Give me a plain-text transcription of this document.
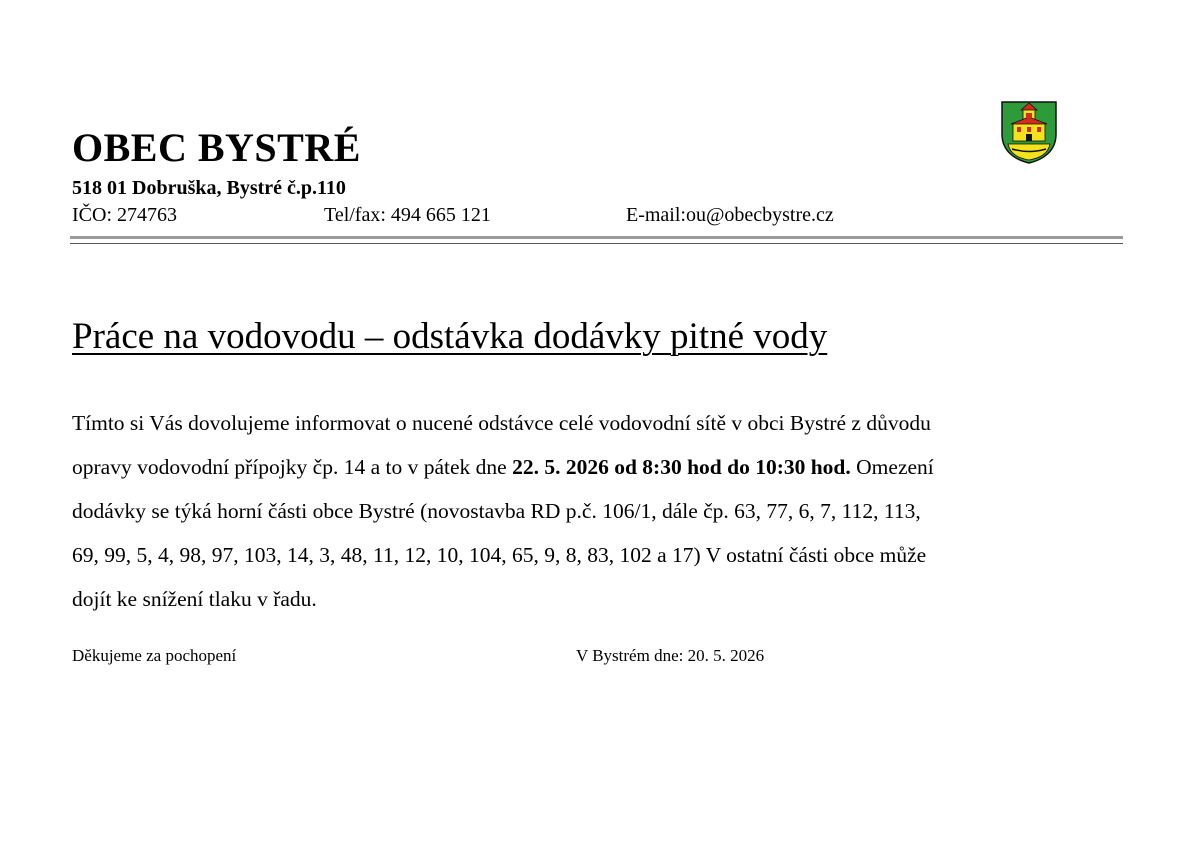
OBEC BYSTRÉ
518 01 Dobruška, Bystré č.p.110
IČO: 274763	Tel/fax: 494 665 121	E-mail:ou@obecbystre.cz
Práce na vodovodu – odstávka dodávky pitné vody
Tímto si Vás dovolujeme informovat o nucené odstávce celé vodovodní sítě v obci Bystré z důvodu
opravy vodovodní přípojky čp. 14 a to v pátek dne 22. 5. 2026 od 8:30 hod do 10:30 hod. Omezení
dodávky se týká horní části obce Bystré (novostavba RD p.č. 106/1, dále čp. 63, 77, 6, 7, 112, 113,
69, 99, 5, 4, 98, 97, 103, 14, 3, 48, 11, 12, 10, 104, 65, 9, 8, 83, 102 a 17) V ostatní části obce může
dojít ke snížení tlaku v řadu.
Děkujeme za pochopení	V Bystrém dne: 20. 5. 2026
